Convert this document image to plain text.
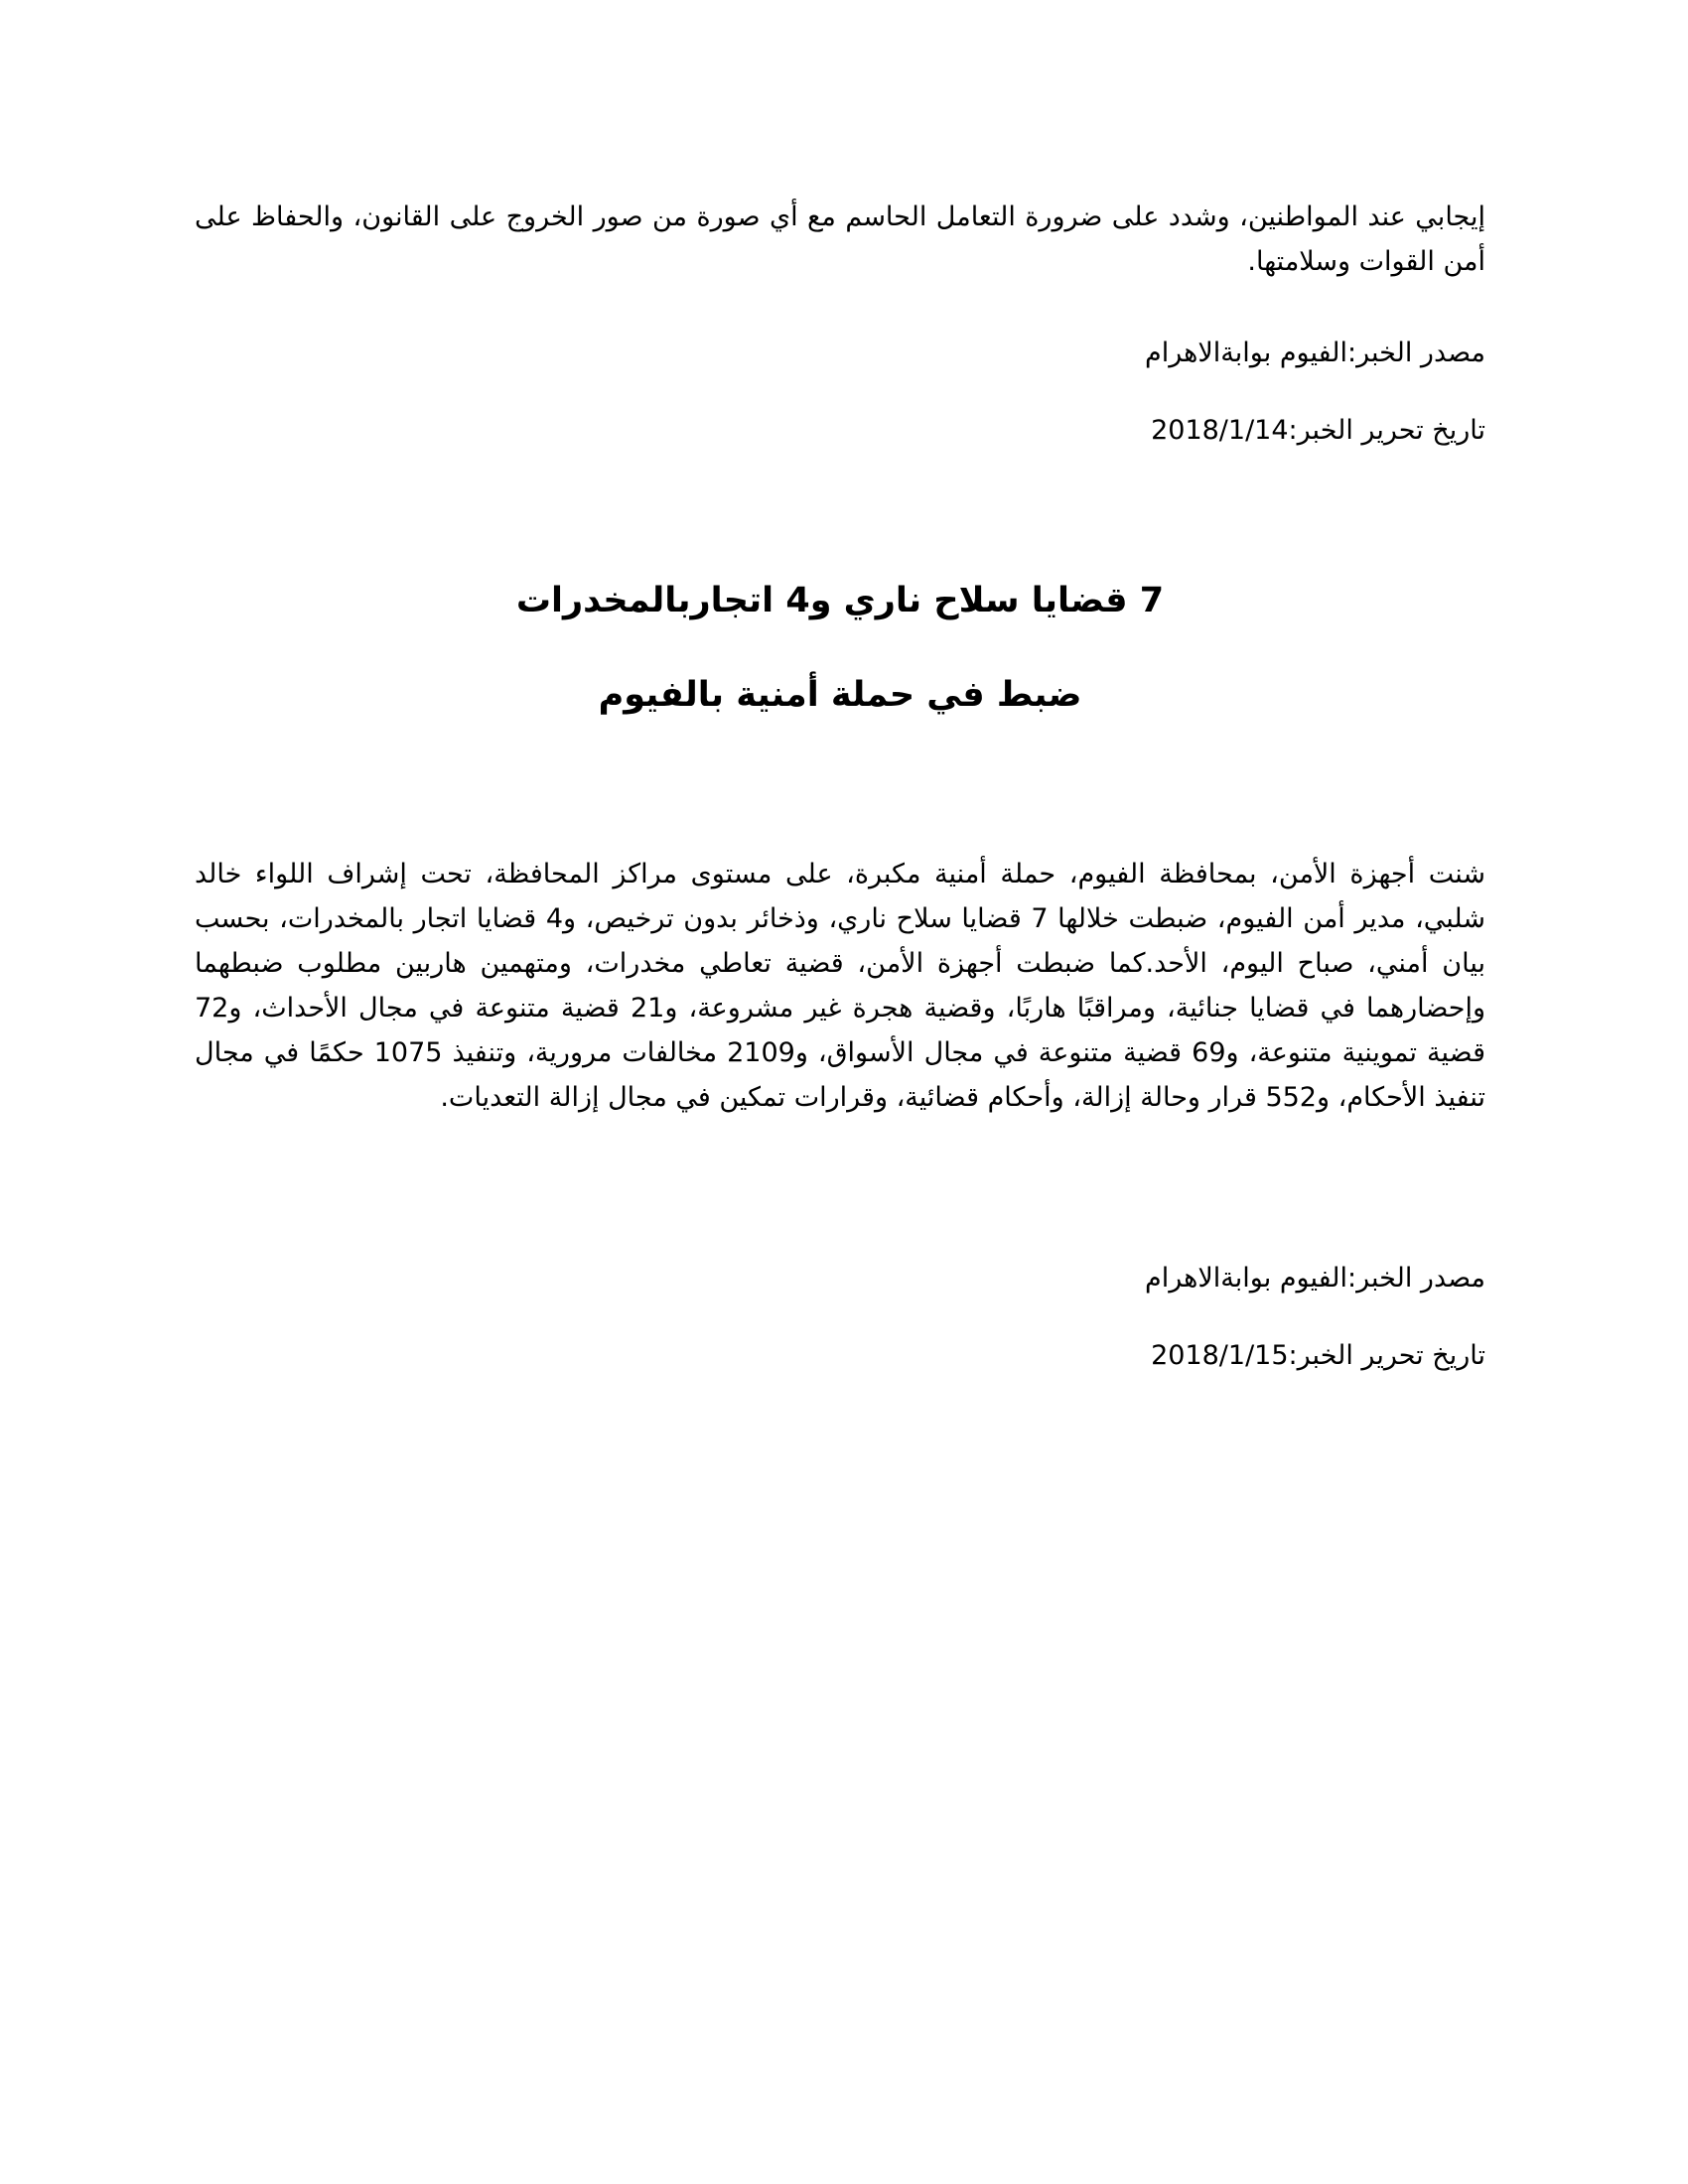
إيجابي عند المواطنين، وشدد على ضرورة التعامل الحاسم مع أي صورة من صور الخروج على القانون، والحفاظ على أمن القوات وسلامتها.

مصدر الخبر:الفيوم بوابةالاهرام

تاريخ تحرير الخبر:2018/1/14

7 قضايا سلاح ناري و4 اتجاربالمخدرات
ضبط في حملة أمنية بالفيوم

شنت أجهزة الأمن، بمحافظة الفيوم، حملة أمنية مكبرة، على مستوى مراكز المحافظة، تحت إشراف اللواء خالد شلبي، مدير أمن الفيوم، ضبطت خلالها 7 قضايا سلاح ناري، وذخائر بدون ترخيص، و4 قضايا اتجار بالمخدرات، بحسب بيان أمني، صباح اليوم، الأحد.كما ضبطت أجهزة الأمن، قضية تعاطي مخدرات، ومتهمين هاربين مطلوب ضبطهما وإحضارهما في قضايا جنائية، ومراقبًا هاربًا، وقضية هجرة غير مشروعة، و21 قضية متنوعة في مجال الأحداث، و72 قضية تموينية متنوعة، و69 قضية متنوعة في مجال الأسواق، و2109 مخالفات مرورية، وتنفيذ 1075 حكمًا في مجال تنفيذ الأحكام، و552 قرار وحالة إزالة، وأحكام قضائية، وقرارات تمكين في مجال إزالة التعديات.

مصدر الخبر:الفيوم بوابةالاهرام

تاريخ تحرير الخبر:2018/1/15
